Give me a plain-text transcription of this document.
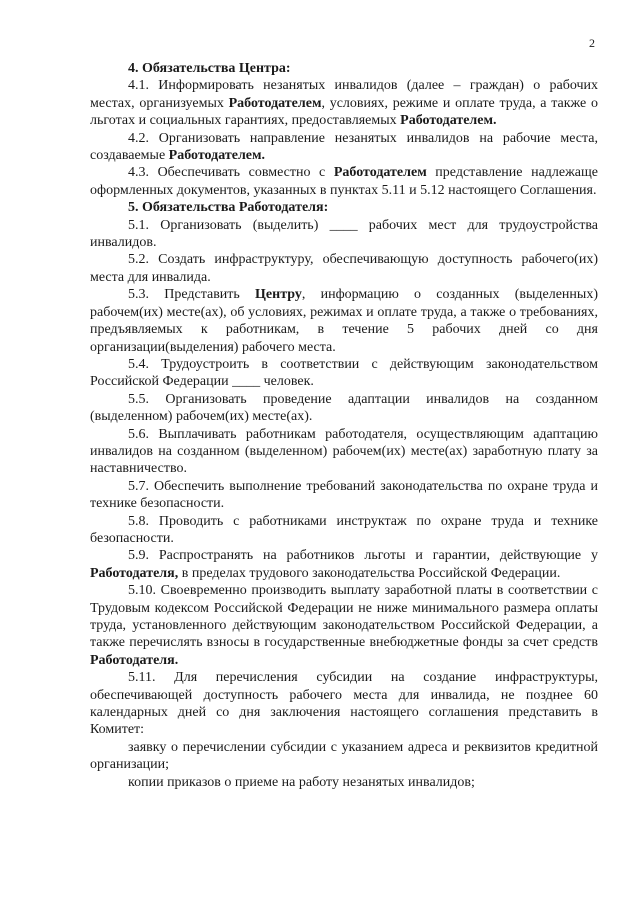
2

4. Обязательства Центра:

4.1. Информировать незанятых инвалидов (далее – граждан) о рабочих местах, организуемых Работодателем, условиях, режиме и оплате труда, а также о льготах и социальных гарантиях, предоставляемых Работодателем.

4.2. Организовать направление незанятых инвалидов на рабочие места, создаваемые Работодателем.

4.3. Обеспечивать совместно с Работодателем представление надлежаще оформленных документов, указанных в пунктах 5.11 и 5.12 настоящего Соглашения.

5. Обязательства Работодателя:

5.1. Организовать (выделить) ____ рабочих мест для трудоустройства инвалидов.

5.2. Создать инфраструктуру, обеспечивающую доступность рабочего(их) места для инвалида.

5.3. Представить Центру, информацию о созданных (выделенных) рабочем(их) месте(ах), об условиях, режимах и оплате труда, а также о требованиях, предъявляемых к работникам, в течение 5 рабочих дней со дня организации(выделения) рабочего места.

5.4. Трудоустроить в соответствии с действующим законодательством Российской Федерации ____ человек.

5.5. Организовать проведение адаптации инвалидов на созданном (выделенном) рабочем(их) месте(ах).

5.6. Выплачивать работникам работодателя, осуществляющим адаптацию инвалидов на созданном (выделенном) рабочем(их) месте(ах) заработную плату за наставничество.

5.7. Обеспечить выполнение требований законодательства по охране труда и технике безопасности.

5.8. Проводить с работниками инструктаж по охране труда и технике безопасности.

5.9. Распространять на работников льготы и гарантии, действующие у Работодателя, в пределах трудового законодательства Российской Федерации.

5.10. Своевременно производить выплату заработной платы в соответствии с Трудовым кодексом Российской Федерации не ниже минимального размера оплаты труда, установленного действующим законодательством Российской Федерации, а также перечислять взносы в государственные внебюджетные фонды за счет средств Работодателя.

5.11. Для перечисления субсидии на создание инфраструктуры, обеспечивающей доступность рабочего места для инвалида, не позднее 60 календарных дней со дня заключения настоящего соглашения представить в Комитет:

заявку о перечислении субсидии с указанием адреса и реквизитов кредитной организации;

копии приказов о приеме на работу незанятых инвалидов;
